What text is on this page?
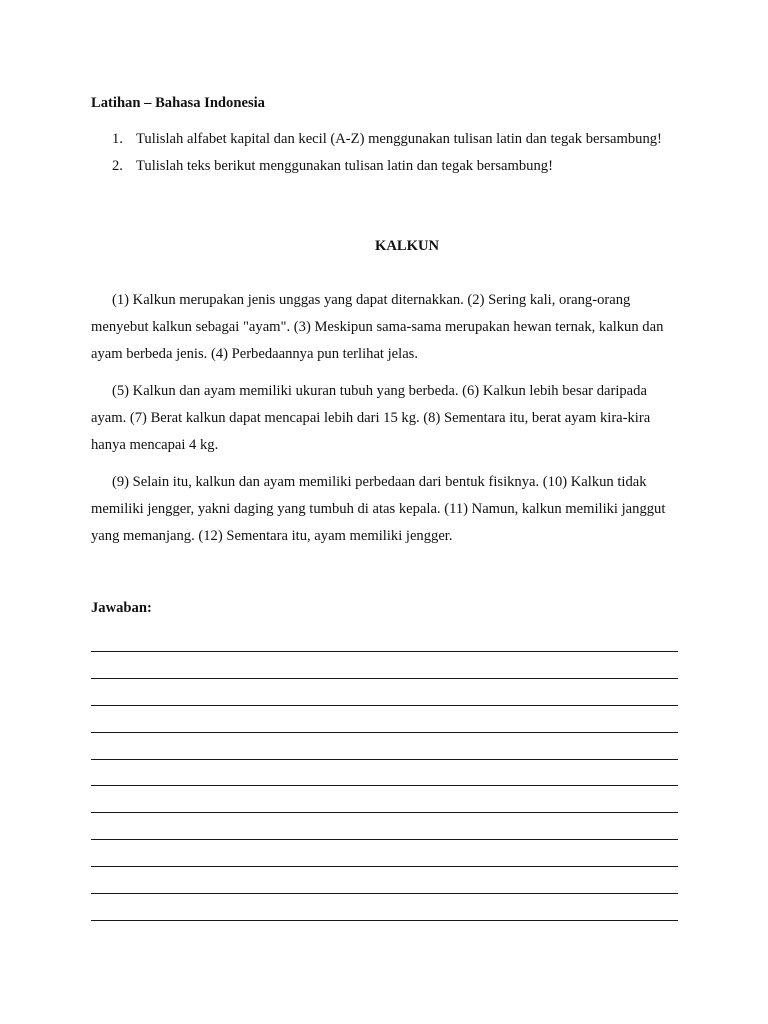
Latihan – Bahasa Indonesia
1. Tulislah alfabet kapital dan kecil (A-Z) menggunakan tulisan latin dan tegak bersambung!
2. Tulislah teks berikut menggunakan tulisan latin dan tegak bersambung!
KALKUN

(1) Kalkun merupakan jenis unggas yang dapat diternakkan. (2) Sering kali, orang-orang menyebut kalkun sebagai "ayam". (3) Meskipun sama-sama merupakan hewan ternak, kalkun dan ayam berbeda jenis. (4) Perbedaannya pun terlihat jelas.

(5) Kalkun dan ayam memiliki ukuran tubuh yang berbeda. (6) Kalkun lebih besar daripada ayam. (7) Berat kalkun dapat mencapai lebih dari 15 kg. (8) Sementara itu, berat ayam kira-kira hanya mencapai 4 kg.

(9) Selain itu, kalkun dan ayam memiliki perbedaan dari bentuk fisiknya. (10) Kalkun tidak memiliki jengger, yakni daging yang tumbuh di atas kepala. (11) Namun, kalkun memiliki janggut yang memanjang. (12) Sementara itu, ayam memiliki jengger.

Jawaban:
